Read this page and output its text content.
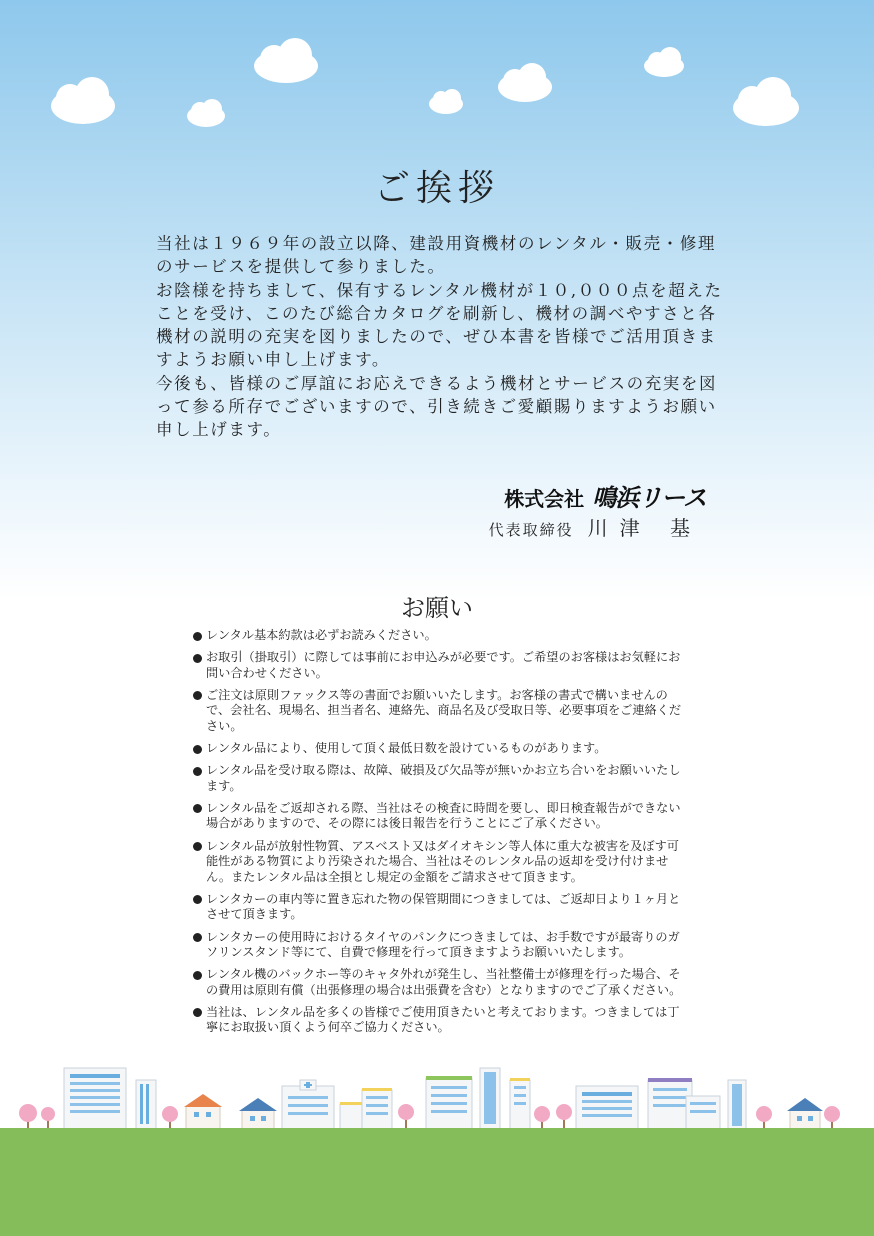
ご挨拶

当社は１９６９年の設立以降、建設用資機材のレンタル・販売・修理のサービスを提供して参りました。

お陰様を持ちまして、保有するレンタル機材が１０,０００点を超えたことを受け、このたび総合カタログを刷新し、機材の調べやすさと各機材の説明の充実を図りましたので、ぜひ本書を皆様でご活用頂きますようお願い申し上げます。

今後も、皆様のご厚誼にお応えできるよう機材とサービスの充実を図って参る所存でございますので、引き続きご愛顧賜りますようお願い申し上げます。

株式会社 鳴浜リース
代表取締役 川津 基
お願い
レンタル基本約款は必ずお読みください。
お取引（掛取引）に際しては事前にお申込みが必要です。ご希望のお客様はお気軽にお問い合わせください。
ご注文は原則ファックス等の書面でお願いいたします。お客様の書式で構いませんので、会社名、現場名、担当者名、連絡先、商品名及び受取日等、必要事項をご連絡ください。
レンタル品により、使用して頂く最低日数を設けているものがあります。
レンタル品を受け取る際は、故障、破損及び欠品等が無いかお立ち合いをお願いいたします。
レンタル品をご返却される際、当社はその検査に時間を要し、即日検査報告ができない場合がありますので、その際には後日報告を行うことにご了承ください。
レンタル品が放射性物質、アスベスト又はダイオキシン等人体に重大な被害を及ぼす可能性がある物質により汚染された場合、当社はそのレンタル品の返却を受け付けません。またレンタル品は全損とし規定の金額をご請求させて頂きます。
レンタカーの車内等に置き忘れた物の保管期間につきましては、ご返却日より１ヶ月とさせて頂きます。
レンタカーの使用時におけるタイヤのパンクにつきましては、お手数ですが最寄りのガソリンスタンド等にて、自費で修理を行って頂きますようお願いいたします。
レンタル機のバックホー等のキャタ外れが発生し、当社整備士が修理を行った場合、その費用は原則有償（出張修理の場合は出張費を含む）となりますのでご了承ください。
当社は、レンタル品を多くの皆様でご使用頂きたいと考えております。つきましては丁寧にお取扱い頂くよう何卒ご協力ください。
